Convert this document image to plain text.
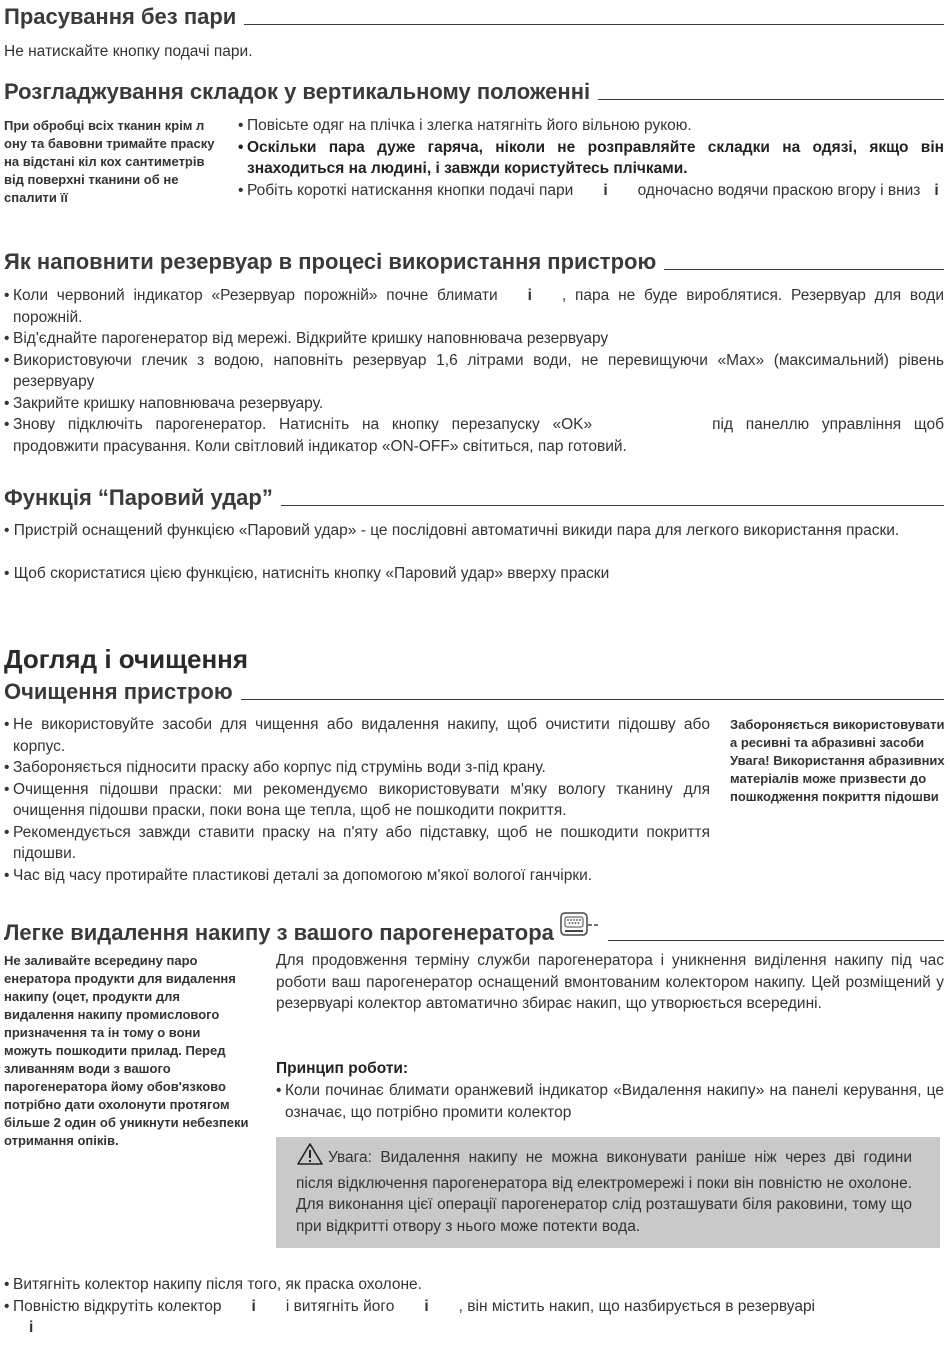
Прасування без пари
Не натискайте кнопку подачі пари.
Розгладжування складок у вертикальному положенні
При обробці всіх тканин крім л ону та бавовни тримайте праску на відстані кіл кох сантиметрів від поверхні тканини об не спалити її
• Повісьте одяг на плічка і злегка натягніть його вільною рукою.
• Оскільки пара дуже гаряча, ніколи не розправляйте складки на одязі, якщо він знаходиться на людині, і завжди користуйтесь плічками.
• Робіть короткі натискання кнопки подачі пари і одночасно водячи праскою вгору і вниз і
Як наповнити резервуар в процесі використання пристрою
• Коли червоний індикатор «Резервуар порожній» почне блимати і , пара не буде вироблятися. Резервуар для води порожній.
• Від'єднайте парогенератор від мережі. Відкрийте кришку наповнювача резервуару
• Використовуючи глечик з водою, наповніть резервуар 1,6 літрами води, не перевищуючи «Max» (максимальний) рівень резервуару
• Закрийте кришку наповнювача резервуару.
• Знову підключіть парогенератор. Натисніть на кнопку перезапуску «OK»	під панеллю управління щоб продовжити прасування. Коли світловий індикатор «ON-OFF» світиться, пар готовий.
Функція “Паровий удар”
• Пристрій оснащений функцією «Паровий удар» - це послідовні автоматичні викиди пара для легкого використання праски.
• Щоб скористатися цією функцією, натисніть кнопку «Паровий удар» вверху праски
Догляд і очищення
Очищення пристрою
• Не використовуйте засоби для чищення або видалення накипу, щоб очистити підошву або корпус.
• Забороняється підносити праску або корпус під струмінь води з-під крану.
• Очищення підошви праски: ми рекомендуємо використовувати м'яку вологу тканину для очищення підошви праски, поки вона ще тепла, щоб не пошкодити покриття.
• Рекомендується завжди ставити праску на п'яту або підставку, щоб не пошкодити покриття підошви.
• Час від часу протирайте пластикові деталі за допомогою м'якої вологої ганчірки.
Забороняється використовувати а ресивні та абразивні засоби Увага! Використання абразивних матеріалів може призвести до пошкодження покриття підошви
Легке видалення накипу з вашого парогенератора
Не заливайте всередину паро енератора продукти для видалення накипу (оцет, продукти для видалення накипу промислового призначення та ін тому о вони можуть пошкодити прилад. Перед зливанням води з вашого парогенератора йому обов'язково потрібно дати охолонути протягом більше 2 один об уникнути небезпеки отримання опіків.
Для продовження терміну служби парогенератора і уникнення виділення накипу під час роботи ваш парогенератор оснащений вмонтованим колектором накипу. Цей розміщений у резервуарі колектор автоматично збирає накип, що утворюється всередині.
Принцип роботи:
• Коли починає блимати оранжевий індикатор «Видалення накипу» на панелі керування, це означає, що потрібно промити колектор
Увага: Видалення накипу не можна виконувати раніше ніж через дві години після відключення парогенератора від електромережі і поки він повністю не охолоне. Для виконання цієї операції парогенератор слід розташувати біля раковини, тому що при відкритті отвору з нього може потекти вода.
• Витягніть колектор накипу після того, як праска охолоне.
• Повністю відкрутіть колектор і і витягніть його і , він містить накип, що назбирується в резервуарі
і
